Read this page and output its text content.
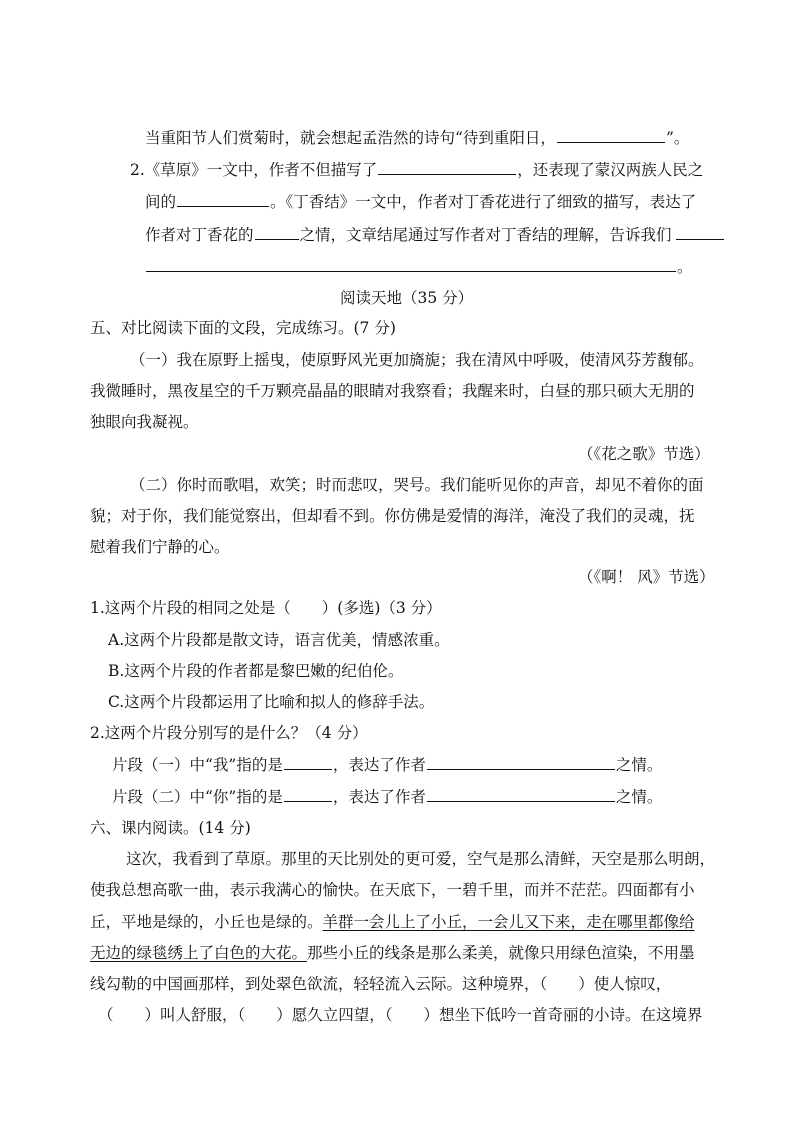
当重阳节人们赏菊时，就会想起孟浩然的诗句“待到重阳日，	”。
2.《草原》一文中，作者不但描写了	，还表现了蒙汉两族人民之
间的	。《丁香结》一文中，作者对丁香花进行了细致的描写，表达了
作者对丁香花的	之情，文章结尾通过写作者对丁香结的理解，告诉我们
。
阅读天地（35 分）
五、对比阅读下面的文段，完成练习。(7 分)
（一）我在原野上摇曳，使原野风光更加旖旎；我在清风中呼吸，使清风芬芳馥郁。
我微睡时，黑夜星空的千万颗亮晶晶的眼睛对我察看；我醒来时，白昼的那只硕大无朋的
独眼向我凝视。
（《花之歌》节选）
（二）你时而歌唱，欢笑；时而悲叹，哭号。我们能听见你的声音，却见不着你的面
貌；对于你，我们能觉察出，但却看不到。你仿佛是爱情的海洋，淹没了我们的灵魂，抚
慰着我们宁静的心。
（《啊！ 风》节选）
1.这两个片段的相同之处是（　　）(多选)（3 分）
A.这两个片段都是散文诗，语言优美，情感浓重。
B.这两个片段的作者都是黎巴嫩的纪伯伦。
C.这两个片段都运用了比喻和拟人的修辞手法。
2.这两个片段分别写的是什么？（4 分）
片段（一）中“我”指的是	，表达了作者	之情。
片段（二）中“你”指的是	，表达了作者	之情。
六、课内阅读。(14 分)
这次，我看到了草原。那里的天比别处的更可爱，空气是那么清鲜，天空是那么明朗，
使我总想高歌一曲，表示我满心的愉快。在天底下，一碧千里，而并不茫茫。四面都有小
丘，平地是绿的，小丘也是绿的。羊群一会儿上了小丘，一会儿又下来，走在哪里都像给
无边的绿毯绣上了白色的大花。那些小丘的线条是那么柔美，就像只用绿色渲染，不用墨
线勾勒的中国画那样，到处翠色欲流，轻轻流入云际。这种境界，（　　）使人惊叹，
（　　）叫人舒服，（　　）愿久立四望，（　　）想坐下低吟一首奇丽的小诗。在这境界
